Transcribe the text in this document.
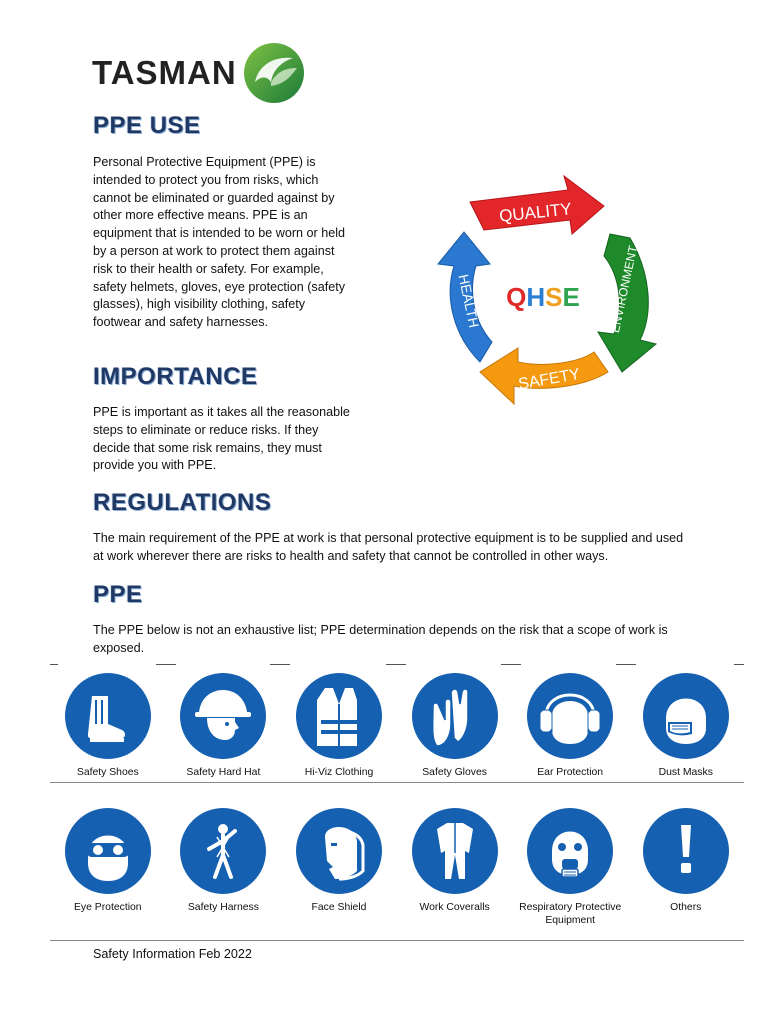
TASMAN
PPE USE

Personal Protective Equipment (PPE) is intended to protect you from risks, which cannot be eliminated or guarded against by other more effective means. PPE is an equipment that is intended to be worn or held by a person at work to protect them against risk to their health or safety. For example, safety helmets, gloves, eye protection (safety glasses), high visibility clothing, safety footwear and safety harnesses.

QUALITY
ENVIRONMENT
SAFETY
HEALTH QHSE
IMPORTANCE

PPE is important as it takes all the reasonable steps to eliminate or reduce risks. If they decide that some risk remains, they must provide you with PPE.

REGULATIONS

The main requirement of the PPE at work is that personal protective equipment is to be supplied and used at work wherever there are risks to health and safety that cannot be controlled in other ways.

PPE

The PPE below is not an exhaustive list; PPE determination depends on the risk that a scope of work is exposed.

Safety Shoes	Safety Hard Hat	Hi-Viz Clothing	Safety Gloves	Ear Protection	Dust Masks
Eye Protection	Safety Harness	Face Shield	Work Coveralls	Respiratory Protective Equipment
Others
Safety Information Feb 2022
